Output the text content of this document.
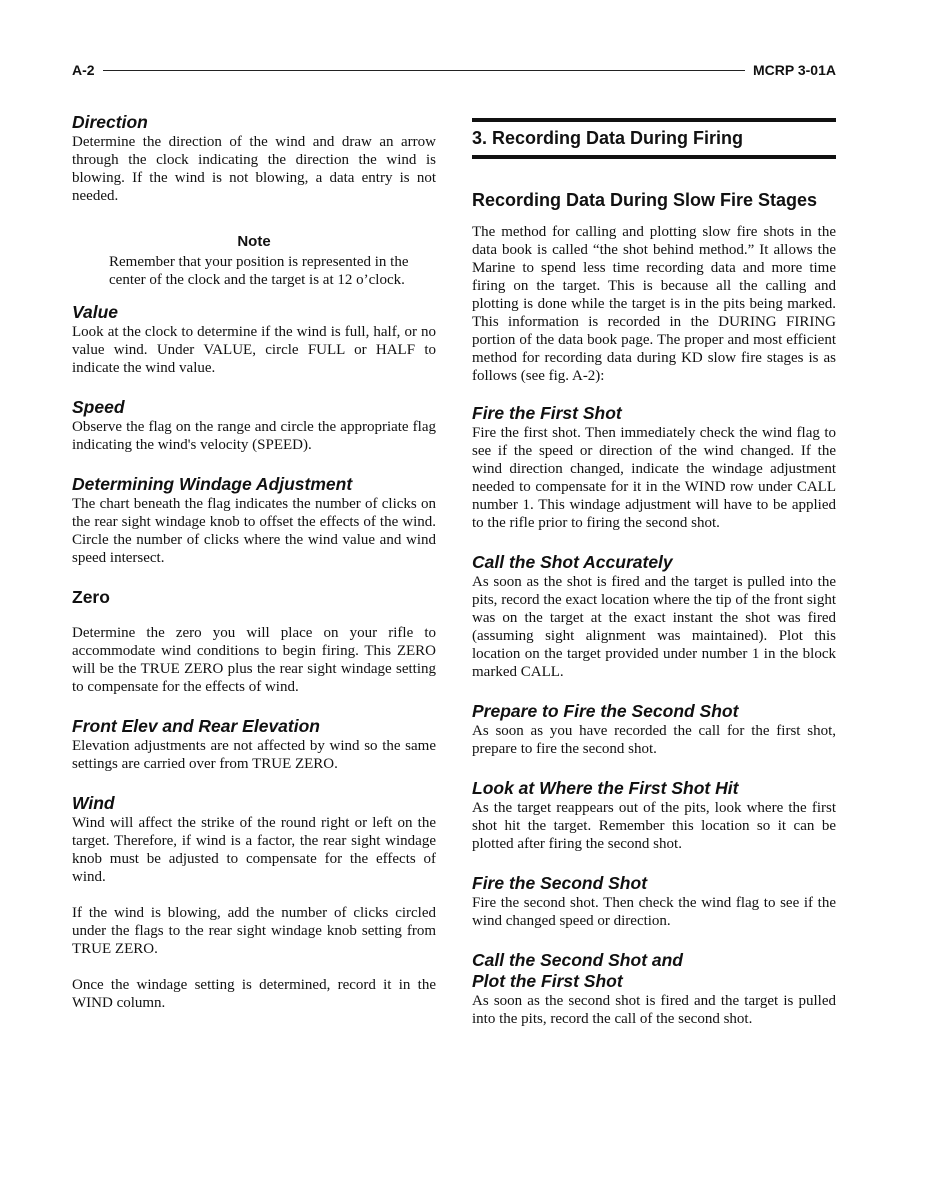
A-2	MCRP 3-01A
Direction

Determine the direction of the wind and draw an arrow through the clock indicating the direction the wind is blowing. If the wind is not blowing, a data entry is not needed.

Note

Remember that your position is represented in the center of the clock and the target is at 12 o’clock.

Value

Look at the clock to determine if the wind is full, half, or no value wind. Under VALUE, circle FULL or HALF to indicate the wind value.

Speed

Observe the flag on the range and circle the appropriate flag indicating the wind's velocity (SPEED).

Determining Windage Adjustment

The chart beneath the flag indicates the number of clicks on the rear sight windage knob to offset the effects of the wind. Circle the number of clicks where the wind value and wind speed intersect.

Zero

Determine the zero you will place on your rifle to accommodate wind conditions to begin firing. This ZERO will be the TRUE ZERO plus the rear sight windage setting to compensate for the effects of wind.

Front Elev and Rear Elevation

Elevation adjustments are not affected by wind so the same settings are carried over from TRUE ZERO.

Wind

Wind will affect the strike of the round right or left on the target. Therefore, if wind is a factor, the rear sight windage knob must be adjusted to compensate for the effects of wind.

If the wind is blowing, add the number of clicks circled under the flags to the rear sight windage knob setting from TRUE ZERO.

Once the windage setting is determined, record it in the WIND column.

3. Recording Data During Firing
Recording Data During Slow Fire Stages

The method for calling and plotting slow fire shots in the data book is called “the shot behind method.” It allows the Marine to spend less time recording data and more time firing on the target. This is because all the calling and plotting is done while the target is in the pits being marked. This information is recorded in the DURING FIRING portion of the data book page. The proper and most efficient method for recording data during KD slow fire stages is as follows (see fig. A-2):

Fire the First Shot

Fire the first shot. Then immediately check the wind flag to see if the speed or direction of the wind changed. If the wind direction changed, indicate the windage adjustment needed to compensate for it in the WIND row under CALL number 1. This windage adjustment will have to be applied to the rifle prior to firing the second shot.

Call the Shot Accurately

As soon as the shot is fired and the target is pulled into the pits, record the exact location where the tip of the front sight was on the target at the exact instant the shot was fired (assuming sight alignment was maintained). Plot this location on the target provided under number 1 in the block marked CALL.

Prepare to Fire the Second Shot

As soon as you have recorded the call for the first shot, prepare to fire the second shot.

Look at Where the First Shot Hit

As the target reappears out of the pits, look where the first shot hit the target. Remember this location so it can be plotted after firing the second shot.

Fire the Second Shot

Fire the second shot. Then check the wind flag to see if the wind changed speed or direction.

Call the Second Shot and
Plot the First Shot

As soon as the second shot is fired and the target is pulled into the pits, record the call of the second shot.
